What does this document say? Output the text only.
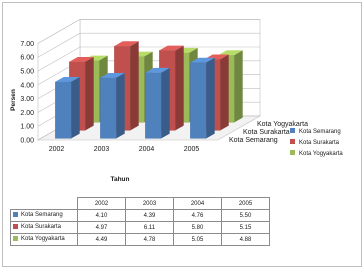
0.00
1.00
2.00
3.00
4.00
5.00
6.00
7.00
2002	2003	2004	2005
Kota Yogyakarta
Kota Surakarta
Kota Semarang
Persen
Tahun
Kota Semarang
Kota Surakarta
Kota Yogyakarta
	2002	2003	2004	2005
Kota Semarang	4.10	4.39	4.76	5.50
Kota Surakarta	4.97	6.11	5.80	5.15
Kota Yogyakarta	4.49	4.78	5.05	4.88
